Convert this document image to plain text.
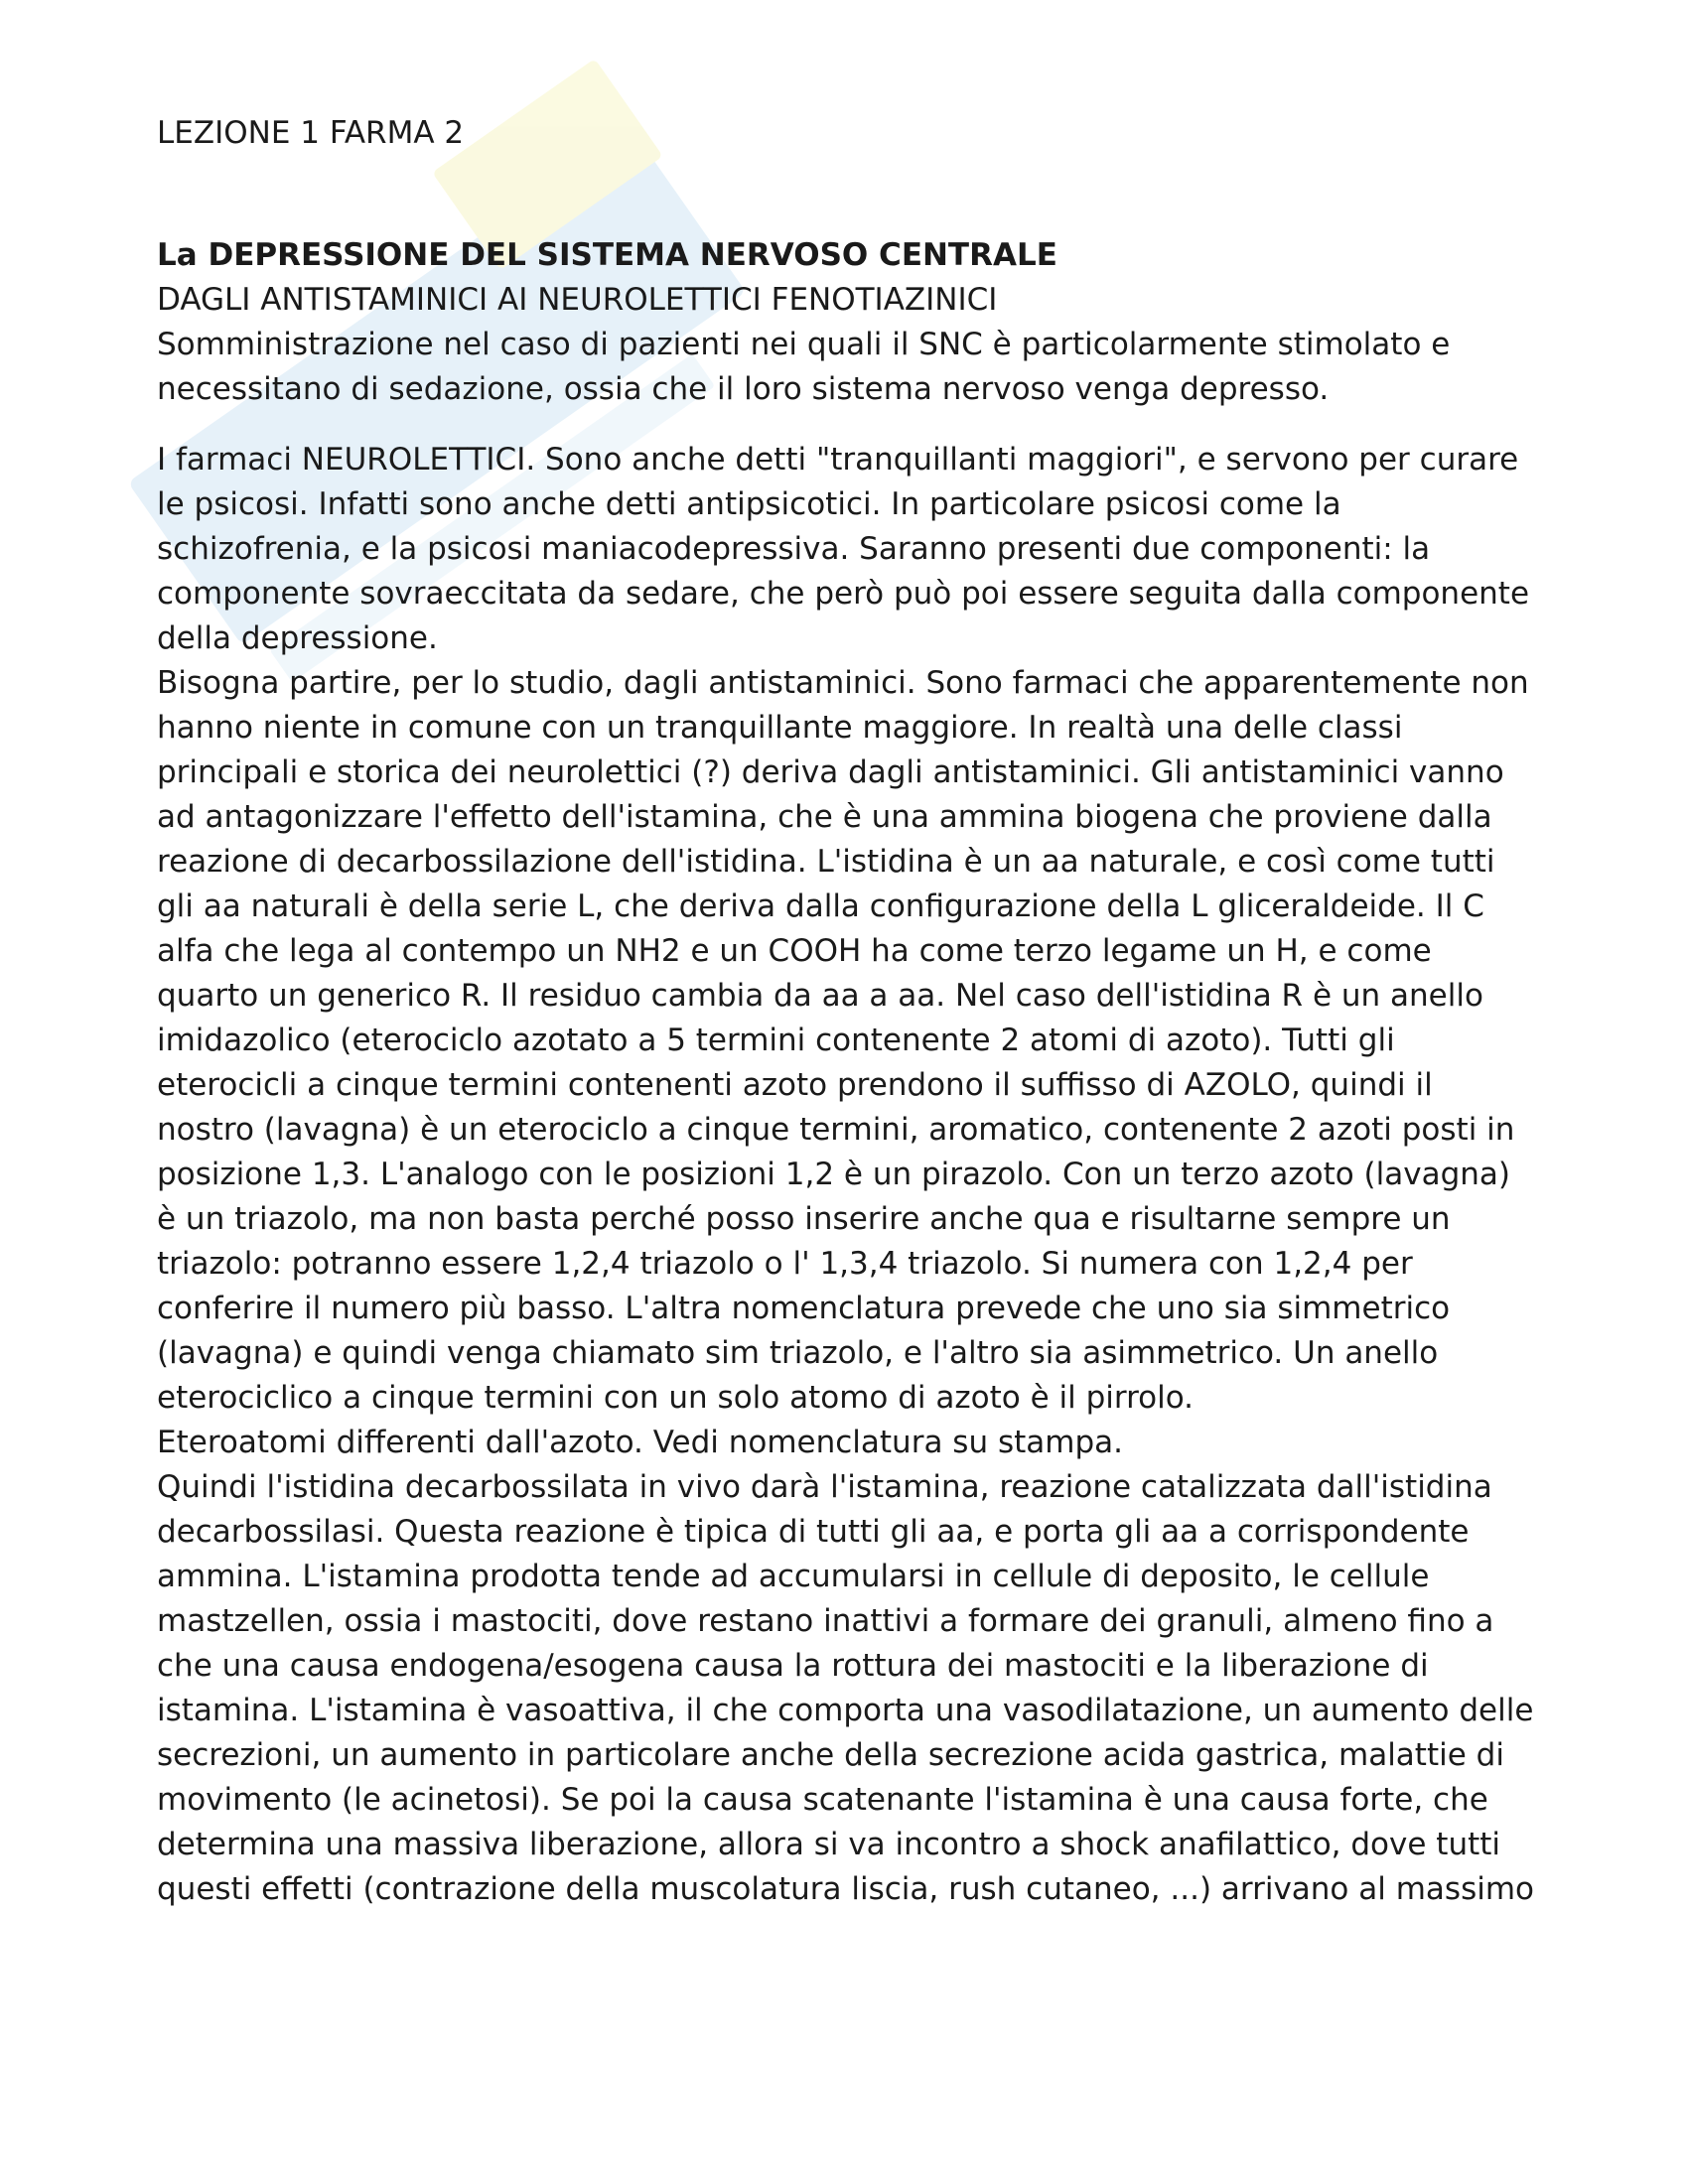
LEZIONE 1 FARMA 2
La DEPRESSIONE DEL SISTEMA NERVOSO CENTRALE
DAGLI ANTISTAMINICI AI NEUROLETTICI FENOTIAZINICI

Somministrazione nel caso di pazienti nei quali il SNC è particolarmente stimolato e necessitano di sedazione, ossia che il loro sistema nervoso venga depresso.

I farmaci NEUROLETTICI. Sono anche detti "tranquillanti maggiori", e servono per curare le psicosi. Infatti sono anche detti antipsicotici. In particolare psicosi come la schizofrenia, e la psicosi maniacodepressiva. Saranno presenti due componenti: la componente sovraeccitata da sedare, che però può poi essere seguita dalla componente della depressione.

Bisogna partire, per lo studio, dagli antistaminici. Sono farmaci che apparentemente non hanno niente in comune con un tranquillante maggiore. In realtà una delle classi principali e storica dei neurolettici (?) deriva dagli antistaminici. Gli antistaminici vanno ad antagonizzare l'effetto dell'istamina, che è una ammina biogena che proviene dalla reazione di decarbossilazione dell'istidina. L'istidina è un aa naturale, e così come tutti gli aa naturali è della serie L, che deriva dalla configurazione della L gliceraldeide. Il C alfa che lega al contempo un NH2 e un COOH ha come terzo legame un H, e come quarto un generico R. Il residuo cambia da aa a aa. Nel caso dell'istidina R è un anello imidazolico (eterociclo azotato a 5 termini contenente 2 atomi di azoto). Tutti gli eterocicli a cinque termini contenenti azoto prendono il suffisso di AZOLO, quindi il nostro (lavagna) è un eterociclo a cinque termini, aromatico, contenente 2 azoti posti in posizione 1,3. L'analogo con le posizioni 1,2 è un pirazolo. Con un terzo azoto (lavagna) è un triazolo, ma non basta perché posso inserire anche qua e risultarne sempre un triazolo: potranno essere 1,2,4 triazolo o l' 1,3,4 triazolo. Si numera con 1,2,4 per conferire il numero più basso. L'altra nomenclatura prevede che uno sia simmetrico (lavagna) e quindi venga chiamato sim triazolo, e l'altro sia asimmetrico. Un anello eterociclico a cinque termini con un solo atomo di azoto è il pirrolo.

Eteroatomi differenti dall'azoto. Vedi nomenclatura su stampa.

Quindi l'istidina decarbossilata in vivo darà l'istamina, reazione catalizzata dall'istidina decarbossilasi. Questa reazione è tipica di tutti gli aa, e porta gli aa a corrispondente ammina. L'istamina prodotta tende ad accumularsi in cellule di deposito, le cellule mastzellen, ossia i mastociti, dove restano inattivi a formare dei granuli, almeno fino a che una causa endogena/esogena causa la rottura dei mastociti e la liberazione di istamina. L'istamina è vasoattiva, il che comporta una vasodilatazione, un aumento delle secrezioni, un aumento in particolare anche della secrezione acida gastrica, malattie di movimento (le acinetosi). Se poi la causa scatenante l'istamina è una causa forte, che determina una massiva liberazione, allora si va incontro a shock anafilattico, dove tutti questi effetti (contrazione della muscolatura liscia, rush cutaneo, ...) arrivano al massimo
